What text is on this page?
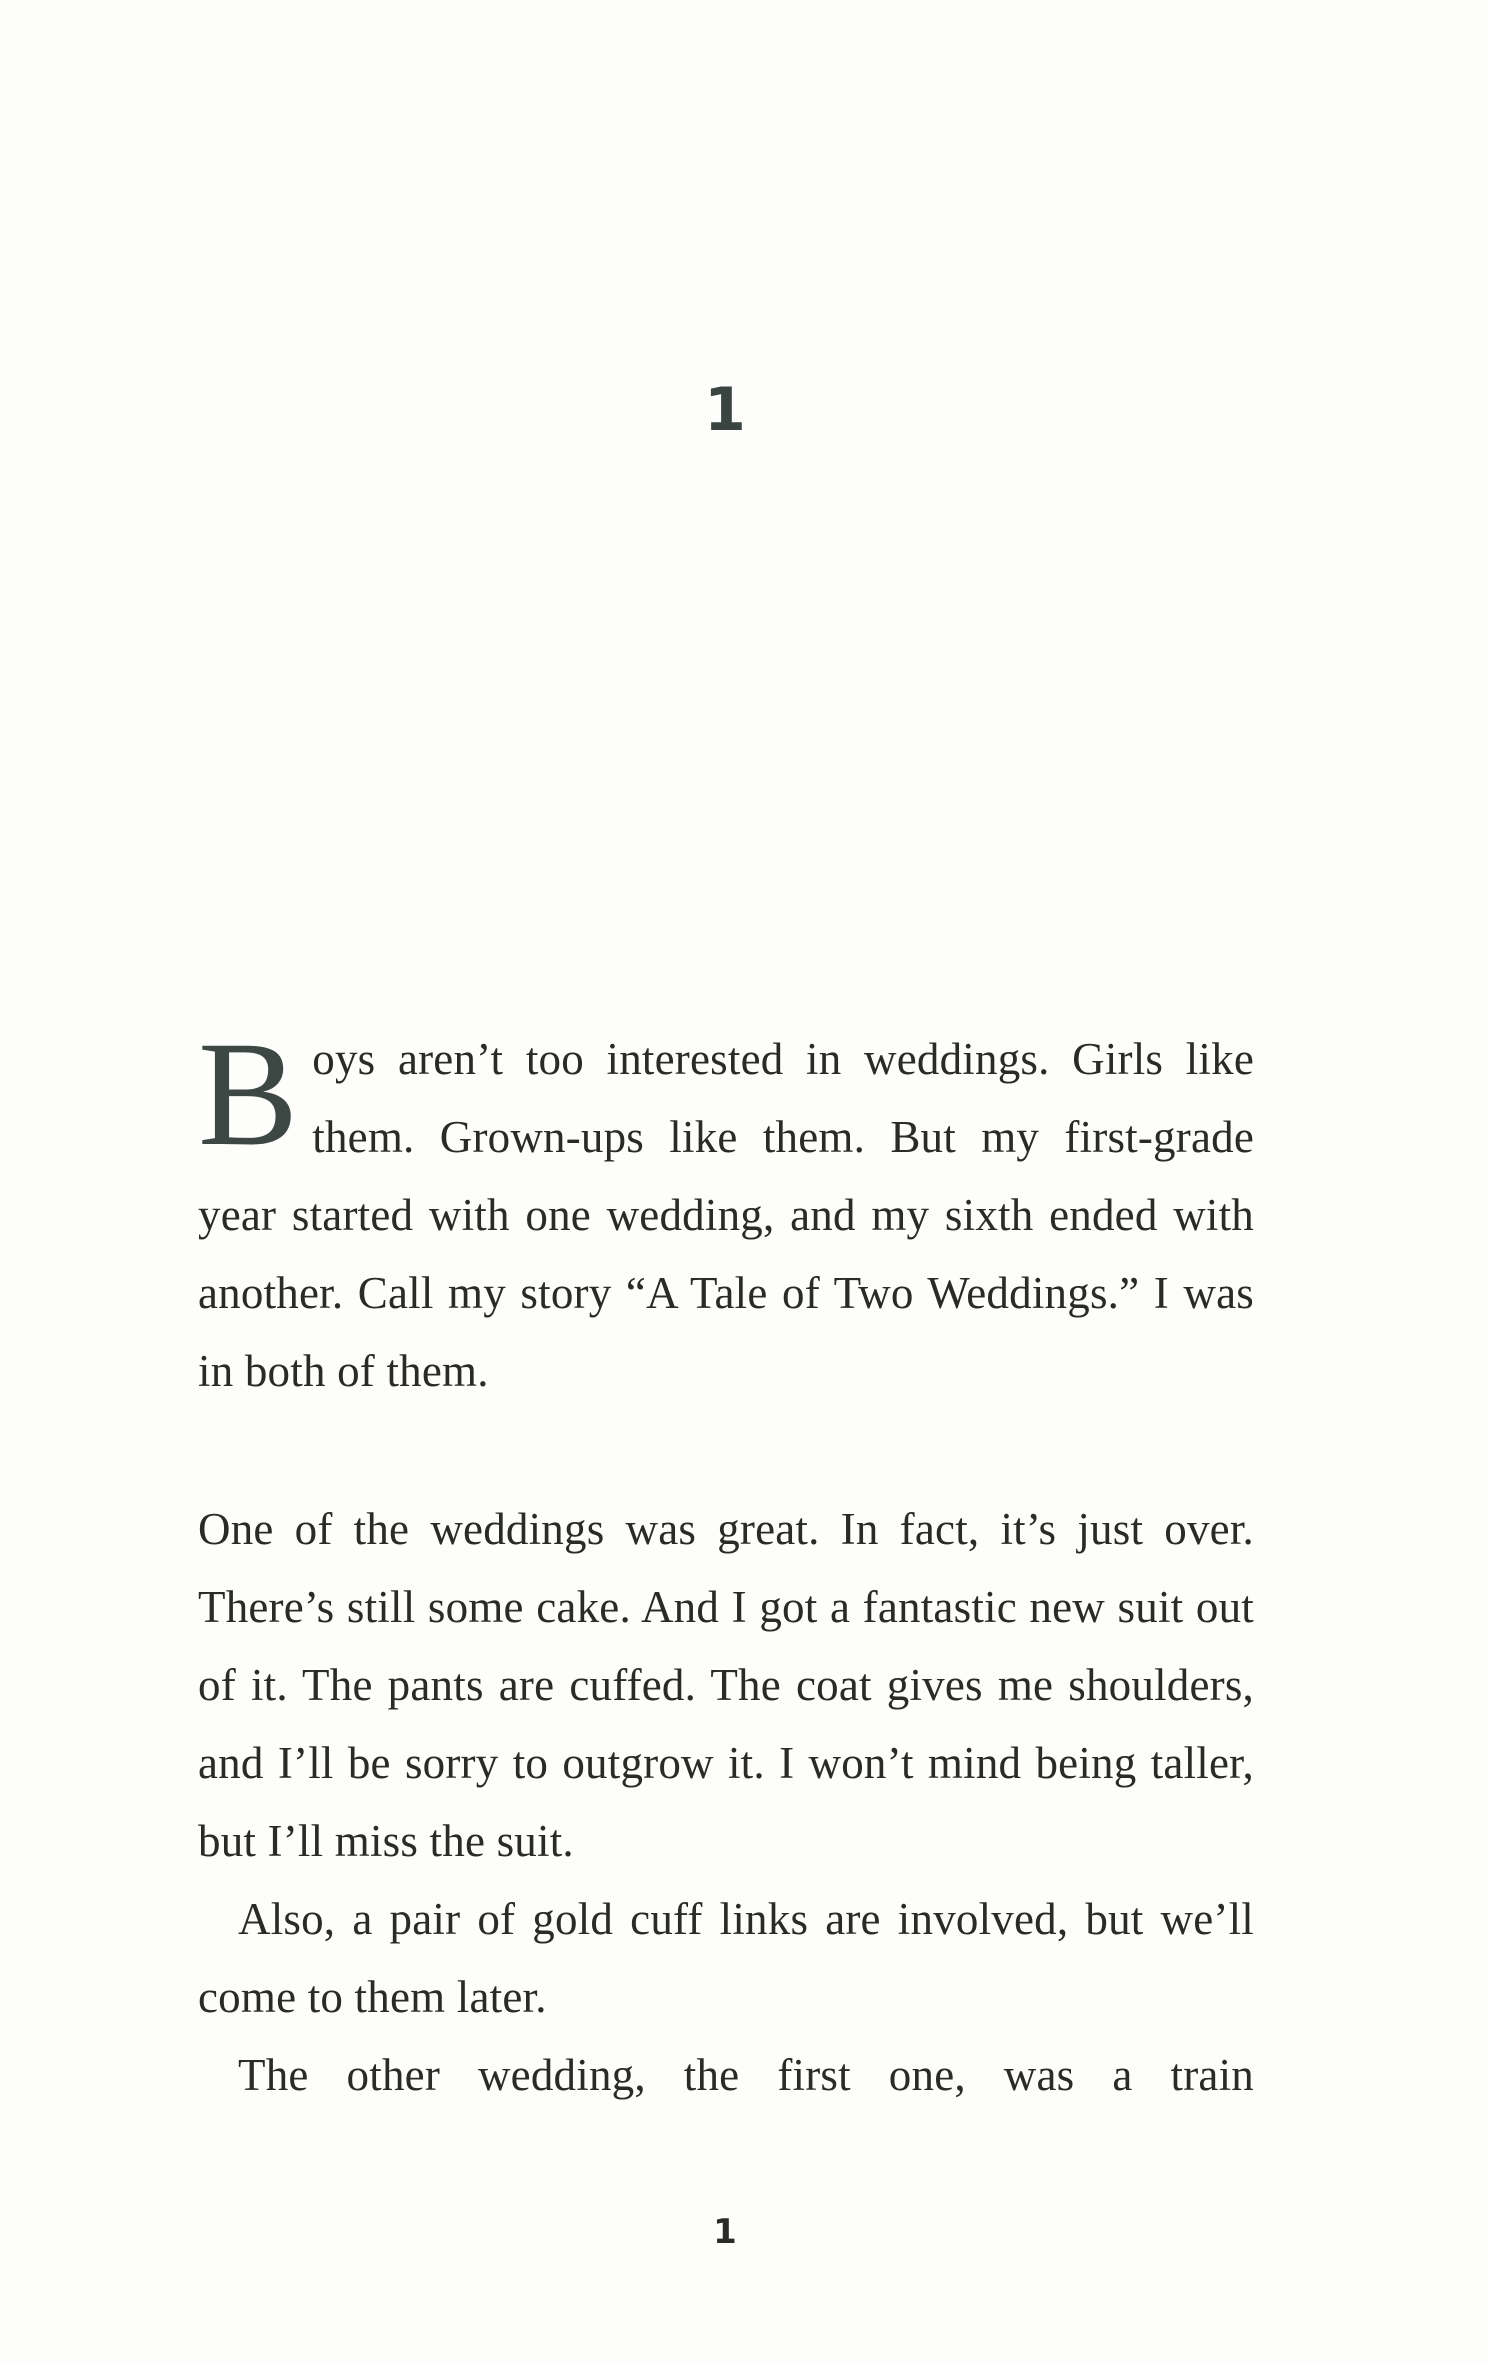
1

Boys aren’t too interested in weddings. Girls like them. Grown-ups like them. But my first-grade year started with one wedding, and my sixth ended with another. Call my story “A Tale of Two Weddings.” I was in both of them.

One of the weddings was great. In fact, it’s just over. There’s still some cake. And I got a fantastic new suit out of it. The pants are cuffed. The coat gives me shoulders, and I’ll be sorry to outgrow it. I won’t mind being taller, but I’ll miss the suit.

Also, a pair of gold cuff links are involved, but we’ll come to them later.

The other wedding, the first one, was a train

1
